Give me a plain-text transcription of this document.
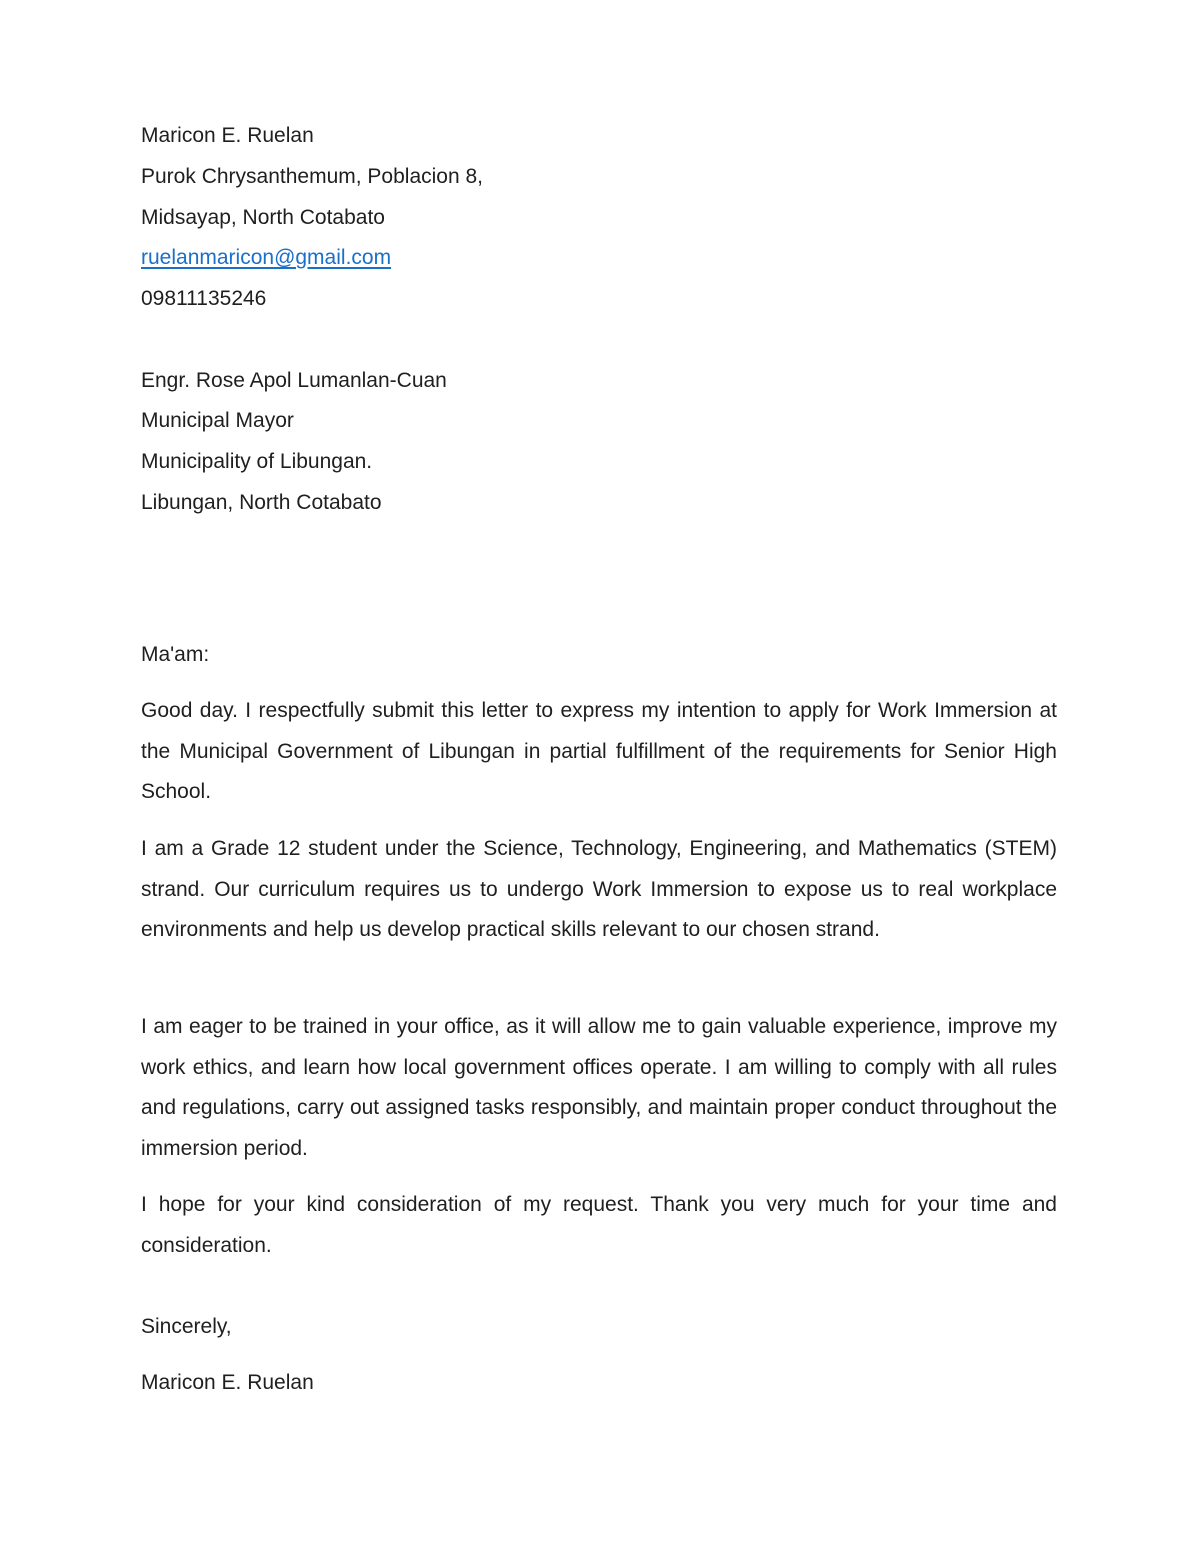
Maricon E. Ruelan
Purok Chrysanthemum, Poblacion 8,
Midsayap, North Cotabato
ruelanmaricon@gmail.com
09811135246
Engr. Rose Apol Lumanlan-Cuan
Municipal Mayor
Municipality of Libungan.
Libungan, North Cotabato
Ma'am:

Good day. I respectfully submit this letter to express my intention to apply for Work Immersion at the Municipal Government of Libungan in partial fulfillment of the requirements for Senior High School.

I am a Grade 12 student under the Science, Technology, Engineering, and Mathematics (STEM) strand. Our curriculum requires us to undergo Work Immersion to expose us to real workplace environments and help us develop practical skills relevant to our chosen strand.

I am eager to be trained in your office, as it will allow me to gain valuable experience, improve my work ethics, and learn how local government offices operate. I am willing to comply with all rules and regulations, carry out assigned tasks responsibly, and maintain proper conduct throughout the immersion period.

I hope for your kind consideration of my request. Thank you very much for your time and consideration.

Sincerely,
Maricon E. Ruelan
